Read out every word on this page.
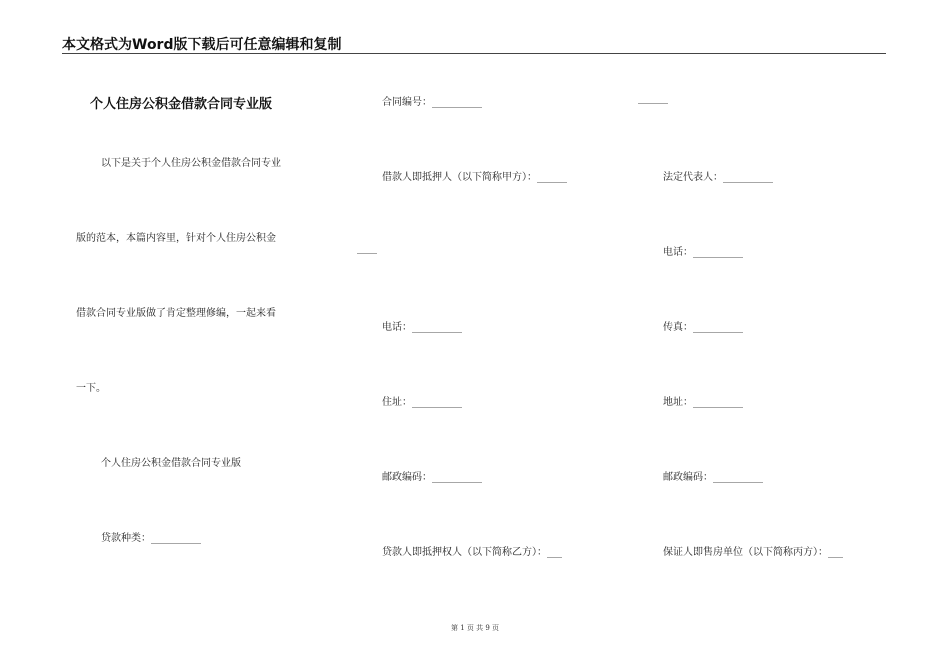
本文格式为Word版下载后可任意编辑和复制
个人住房公积金借款合同专业版
以下是关于个人住房公积金借款合同专业
版的范本，本篇内容里，针对个人住房公积金
借款合同专业版做了肯定整理修编，一起来看
一下。
个人住房公积金借款合同专业版
贷款种类：__________
合同编号：__________
借款人即抵押人（以下简称甲方）：______
____
电话：__________
住址：__________
邮政编码：__________
贷款人即抵押权人（以下简称乙方）：___
______
法定代表人：__________
电话：__________
传真：__________
地址：__________
邮政编码：__________
保证人即售房单位（以下简称丙方）：___
第 1 页 共 9 页
